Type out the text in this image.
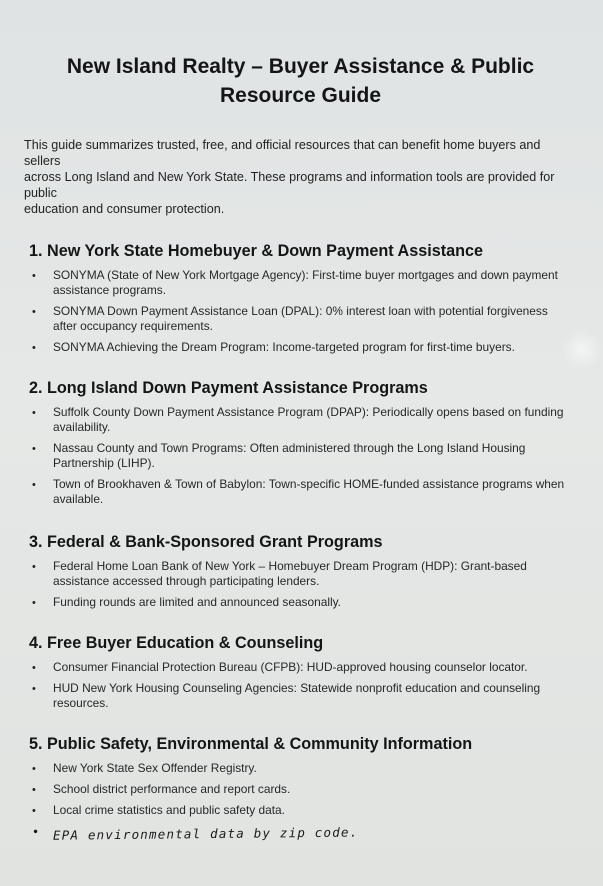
New Island Realty – Buyer Assistance & Public
Resource Guide

This guide summarizes trusted, free, and official resources that can benefit home buyers and sellers
across Long Island and New York State. These programs and information tools are provided for public
education and consumer protection.

1. New York State Homebuyer & Down Payment Assistance
• SONYMA (State of New York Mortgage Agency): First-time buyer mortgages and down payment
assistance programs.
• SONYMA Down Payment Assistance Loan (DPAL): 0% interest loan with potential forgiveness
after occupancy requirements.
• SONYMA Achieving the Dream Program: Income-targeted program for first-time buyers.
2. Long Island Down Payment Assistance Programs
• Suffolk County Down Payment Assistance Program (DPAP): Periodically opens based on funding
availability.
• Nassau County and Town Programs: Often administered through the Long Island Housing
Partnership (LIHP).
• Town of Brookhaven & Town of Babylon: Town-specific HOME-funded assistance programs when
available.
3. Federal & Bank-Sponsored Grant Programs
• Federal Home Loan Bank of New York – Homebuyer Dream Program (HDP): Grant-based
assistance accessed through participating lenders.
• Funding rounds are limited and announced seasonally.
4. Free Buyer Education & Counseling
• Consumer Financial Protection Bureau (CFPB): HUD-approved housing counselor locator.
• HUD New York Housing Counseling Agencies: Statewide nonprofit education and counseling
resources.
5. Public Safety, Environmental & Community Information
• New York State Sex Offender Registry.
• School district performance and report cards.
• Local crime statistics and public safety data.
• EPA environmental data by zip code.
